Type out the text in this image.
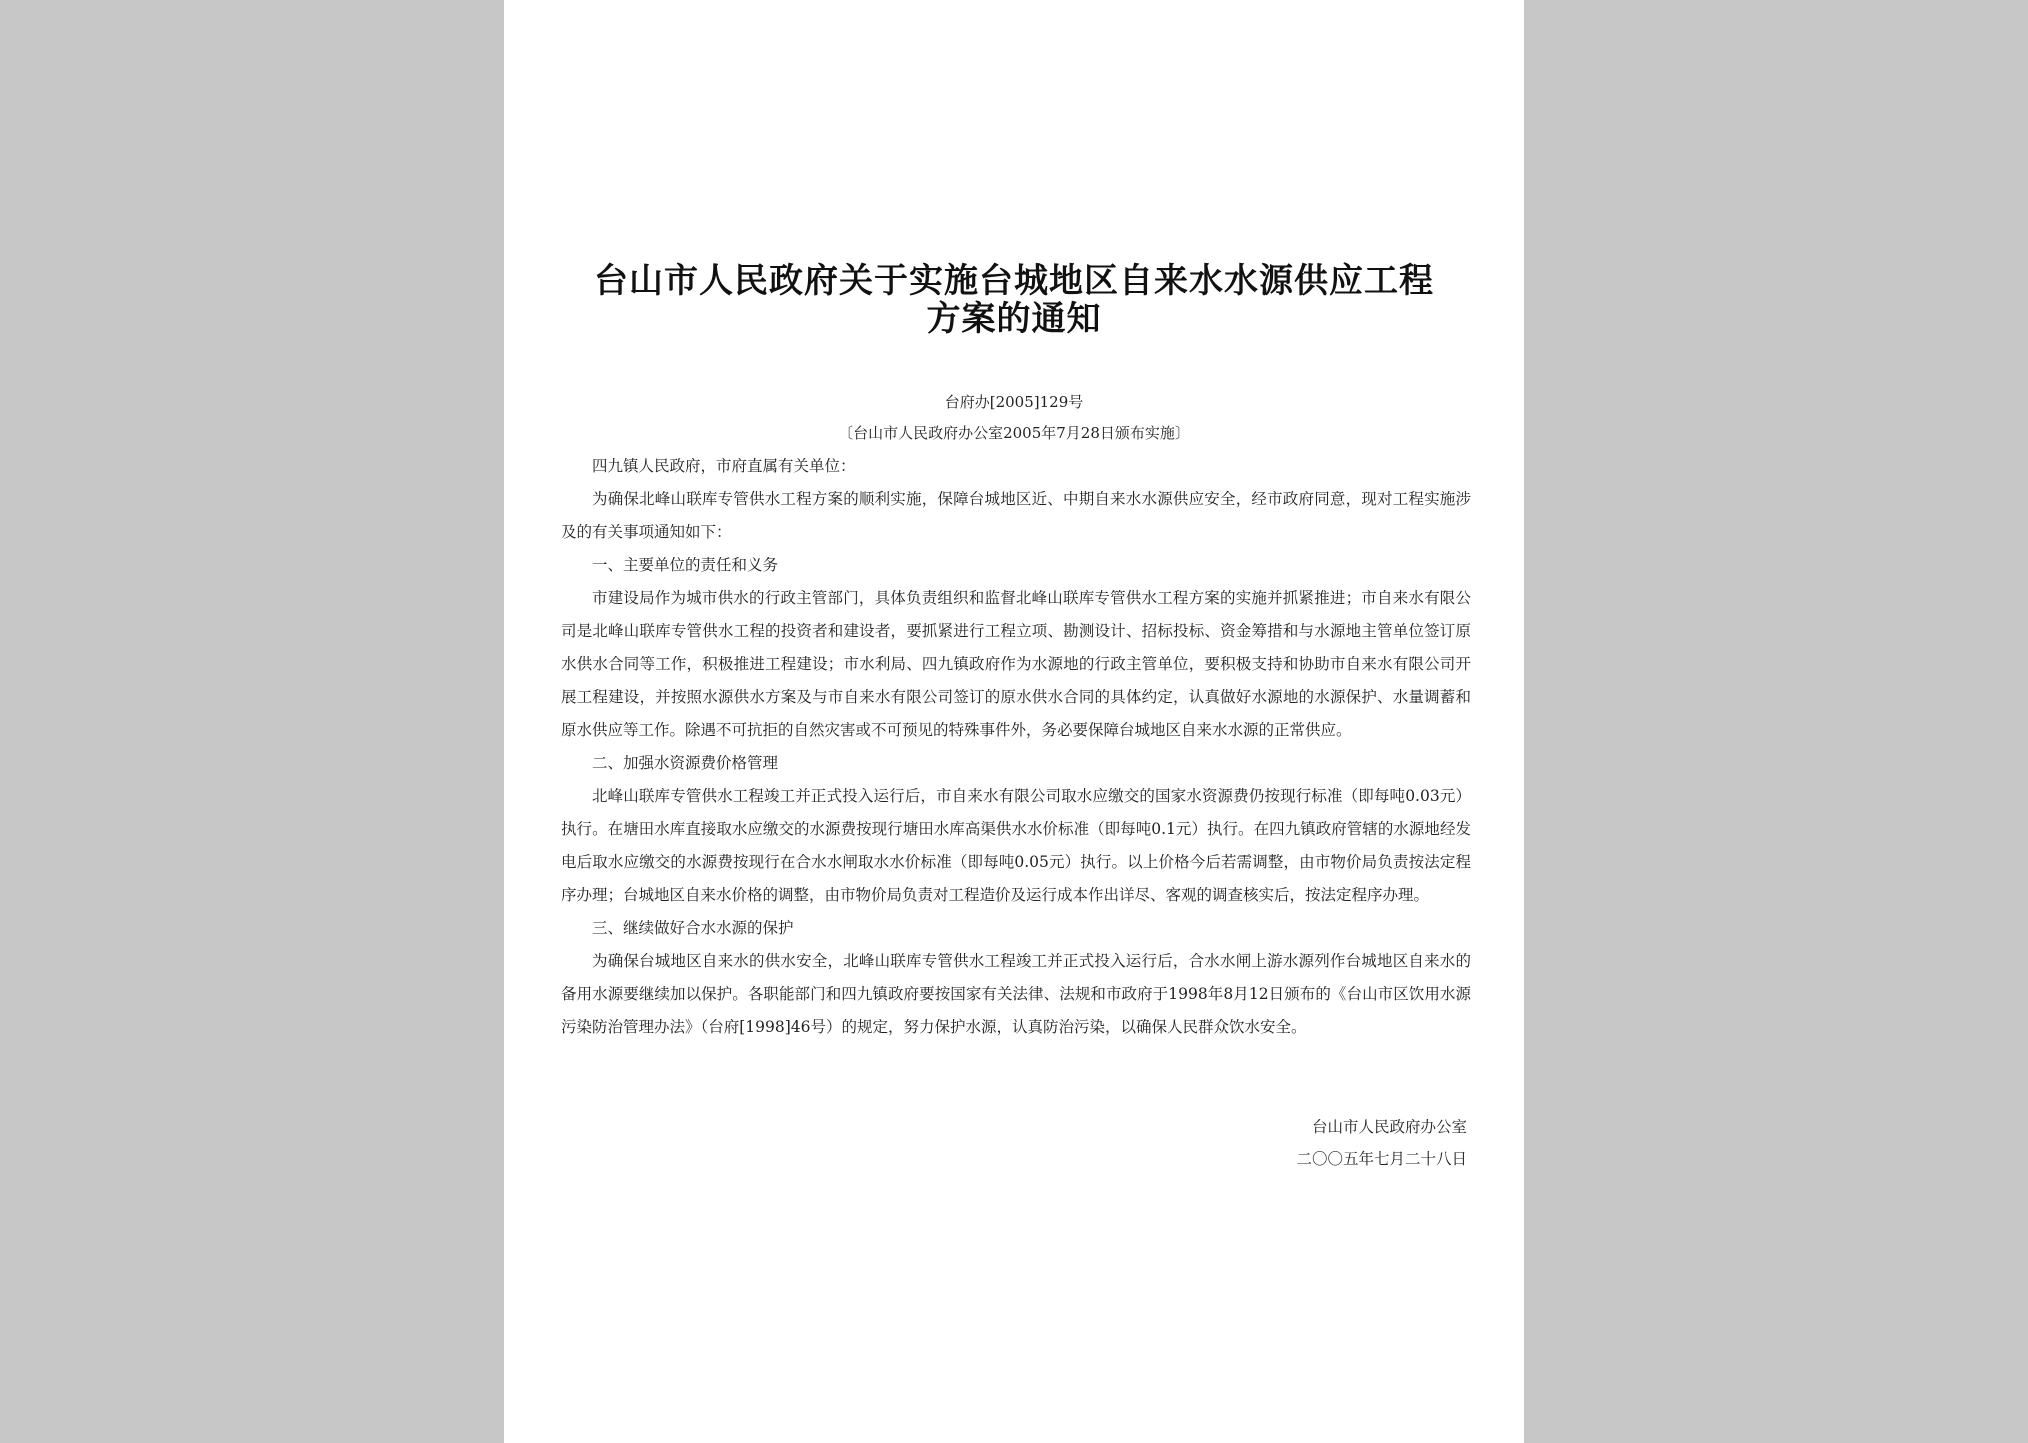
台山市人民政府关于实施台城地区自来水水源供应工程方案的通知
台府办[2005]129号
〔台山市人民政府办公室2005年7月28日颁布实施〕

四九镇人民政府，市府直属有关单位：

为确保北峰山联库专管供水工程方案的顺利实施，保障台城地区近、中期自来水水源供应安全，经市政府同意，现对工程实施涉及的有关事项通知如下：

一、主要单位的责任和义务

市建设局作为城市供水的行政主管部门，具体负责组织和监督北峰山联库专管供水工程方案的实施并抓紧推进；市自来水有限公司是北峰山联库专管供水工程的投资者和建设者，要抓紧进行工程立项、勘测设计、招标投标、资金筹措和与水源地主管单位签订原水供水合同等工作，积极推进工程建设；市水利局、四九镇政府作为水源地的行政主管单位，要积极支持和协助市自来水有限公司开展工程建设，并按照水源供水方案及与市自来水有限公司签订的原水供水合同的具体约定，认真做好水源地的水源保护、水量调蓄和原水供应等工作。除遇不可抗拒的自然灾害或不可预见的特殊事件外，务必要保障台城地区自来水水源的正常供应。

二、加强水资源费价格管理

北峰山联库专管供水工程竣工并正式投入运行后，市自来水有限公司取水应缴交的国家水资源费仍按现行标准（即每吨0.03元）执行。在塘田水库直接取水应缴交的水源费按现行塘田水库高渠供水水价标准（即每吨0.1元）执行。在四九镇政府管辖的水源地经发电后取水应缴交的水源费按现行在合水水闸取水水价标准（即每吨0.05元）执行。以上价格今后若需调整，由市物价局负责按法定程序办理；台城地区自来水价格的调整，由市物价局负责对工程造价及运行成本作出详尽、客观的调查核实后，按法定程序办理。

三、继续做好合水水源的保护

为确保台城地区自来水的供水安全，北峰山联库专管供水工程竣工并正式投入运行后，合水水闸上游水源列作台城地区自来水的备用水源要继续加以保护。各职能部门和四九镇政府要按国家有关法律、法规和市政府于1998年8月12日颁布的《台山市区饮用水源污染防治管理办法》（台府[1998]46号）的规定，努力保护水源，认真防治污染，以确保人民群众饮水安全。

台山市人民政府办公室
二〇〇五年七月二十八日
